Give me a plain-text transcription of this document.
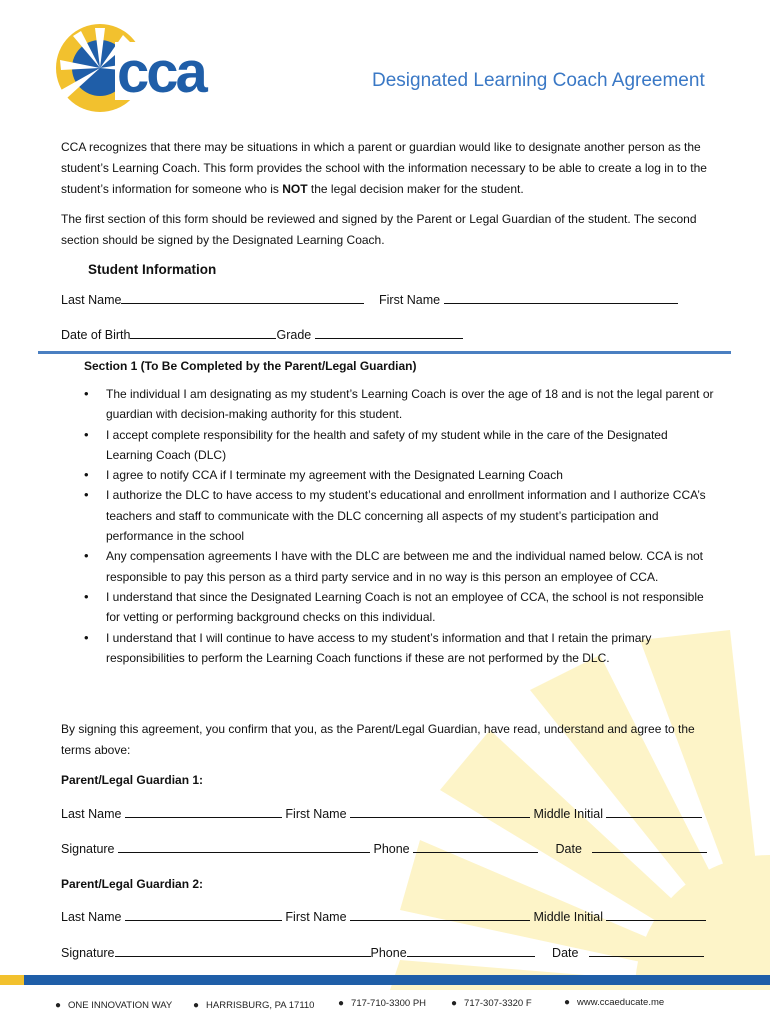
cca	Designated Learning Coach Agreement
CCA recognizes that there may be situations in which a parent or guardian would like to designate another person as the student’s Learning Coach. This form provides the school with the information necessary to be able to create a log in to the student’s information for someone who is NOT the legal decision maker for the student.
The first section of this form should be reviewed and signed by the Parent or Legal Guardian of the student. The second section should be signed by the Designated Learning Coach.
Student Information
Last Name	First Name
Date of Birth	Grade
Section 1 (To Be Completed by the Parent/Legal Guardian)
• The individual I am designating as my student’s Learning Coach is over the age of 18 and is not the legal parent or guardian with decision-making authority for this student.
• I accept complete responsibility for the health and safety of my student while in the care of the Designated Learning Coach (DLC)
• I agree to notify CCA if I terminate my agreement with the Designated Learning Coach
• I authorize the DLC to have access to my student’s educational and enrollment information and I authorize CCA’s teachers and staff to communicate with the DLC concerning all aspects of my student’s participation and performance in the school
• Any compensation agreements I have with the DLC are between me and the individual named below. CCA is not responsible to pay this person as a third party service and in no way is this person an employee of CCA.
• I understand that since the Designated Learning Coach is not an employee of CCA, the school is not responsible for vetting or performing background checks on this individual.
• I understand that I will continue to have access to my student’s information and that I retain the primary responsibilities to perform the Learning Coach functions if these are not performed by the DLC.
By signing this agreement, you confirm that you, as the Parent/Legal Guardian, have read, understand and agree to the terms above:
Parent/Legal Guardian 1:
Last Name	First Name	Middle Initial
Signature	Phone	Date
Parent/Legal Guardian 2:
Last Name	First Name	Middle Initial
Signature	Phone	Date
● ONE INNOVATION WAY ● HARRISBURG, PA 17110 ● 717-710-3300 PH ● 717-307-3320 F	● www.ccaeducate.me
